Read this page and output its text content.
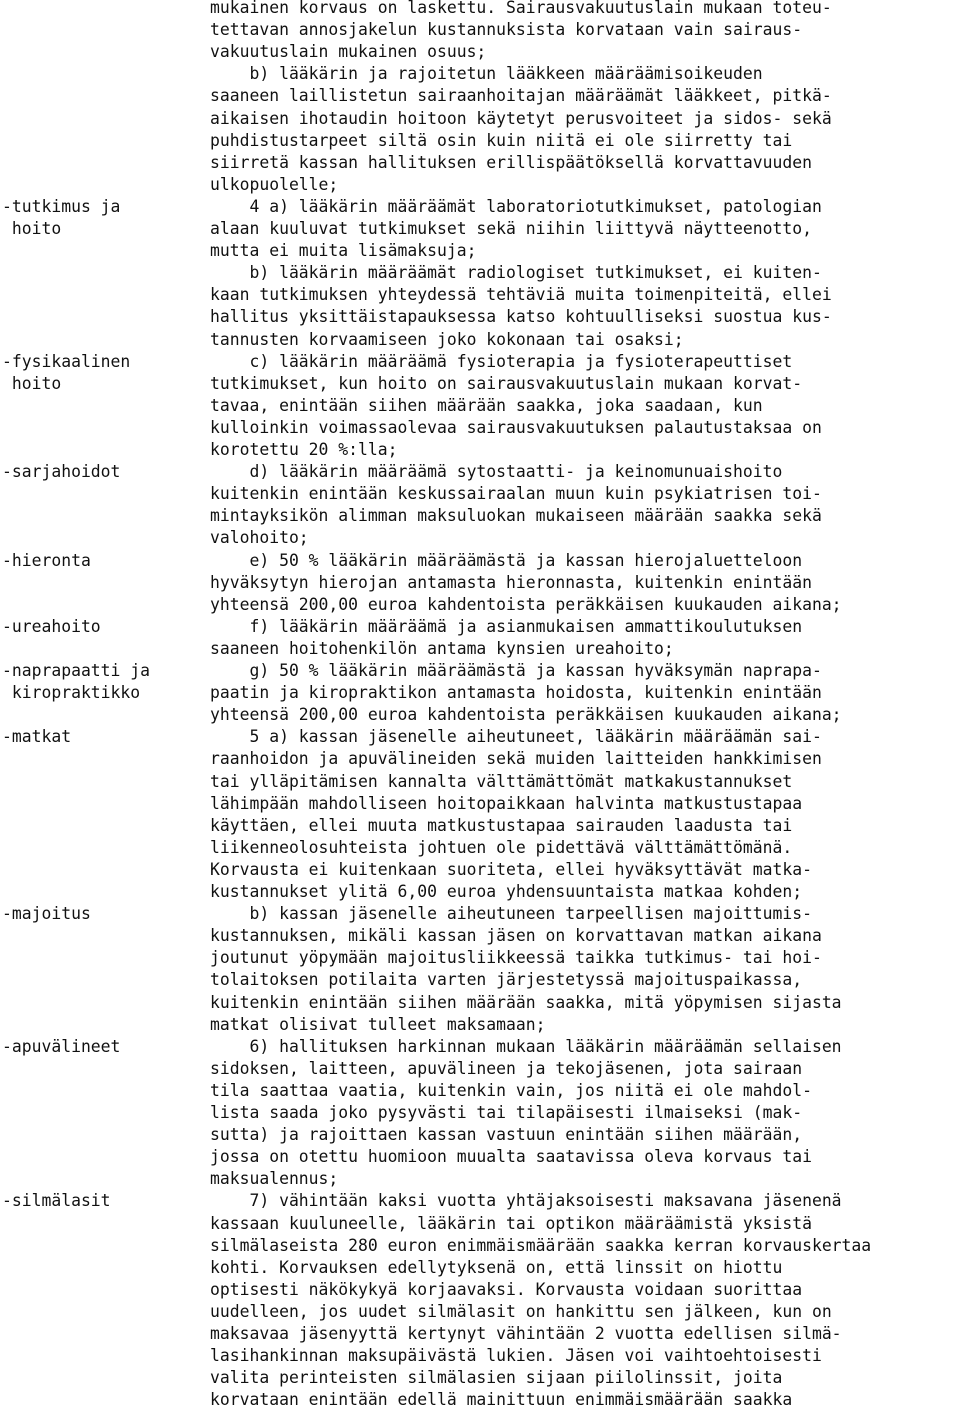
mukainen korvaus on laskettu. Sairausvakuutuslain mukaan toteu-
tettavan annosjakelun kustannuksista korvataan vain sairaus-
vakuutuslain mukainen osuus;
b) lääkärin ja rajoitetun lääkkeen määräämisoikeuden
saaneen laillistetun sairaanhoitajan määräämät lääkkeet, pitkä-
aikaisen ihotaudin hoitoon käytetyt perusvoiteet ja sidos- sekä
puhdistustarpeet siltä osin kuin niitä ei ole siirretty tai
siirretä kassan hallituksen erillispäätöksellä korvattavuuden
ulkopuolelle;
-tutkimus ja	4 a) lääkärin määräämät laboratoriotutkimukset, patologian
hoito	alaan kuuluvat tutkimukset sekä niihin liittyvä näytteenotto,
mutta ei muita lisämaksuja;
b) lääkärin määräämät radiologiset tutkimukset, ei kuiten-
kaan tutkimuksen yhteydessä tehtäviä muita toimenpiteitä, ellei
hallitus yksittäistapauksessa katso kohtuulliseksi suostua kus-
tannusten korvaamiseen joko kokonaan tai osaksi;
-fysikaalinen	c) lääkärin määräämä fysioterapia ja fysioterapeuttiset
hoito	tutkimukset, kun hoito on sairausvakuutuslain mukaan korvat-
tavaa, enintään siihen määrään saakka, joka saadaan, kun
kulloinkin voimassaolevaa sairausvakuutuksen palautustaksaa on
korotettu 20 %:lla;
-sarjahoidot	d) lääkärin määräämä sytostaatti- ja keinomunuaishoito
kuitenkin enintään keskussairaalan muun kuin psykiatrisen toi-
mintayksikön alimman maksuluokan mukaiseen määrään saakka sekä
valohoito;
-hieronta	e) 50 % lääkärin määräämästä ja kassan hierojaluetteloon
hyväksytyn hierojan antamasta hieronnasta, kuitenkin enintään
yhteensä 200,00 euroa kahdentoista peräkkäisen kuukauden aikana;
-ureahoito	f) lääkärin määräämä ja asianmukaisen ammattikoulutuksen
saaneen hoitohenkilön antama kynsien ureahoito;
-naprapaatti ja	g) 50 % lääkärin määräämästä ja kassan hyväksymän naprapa-
kiropraktikko	paatin ja kiropraktikon antamasta hoidosta, kuitenkin enintään
yhteensä 200,00 euroa kahdentoista peräkkäisen kuukauden aikana;
-matkat	5 a) kassan jäsenelle aiheutuneet, lääkärin määräämän sai-
raanhoidon ja apuvälineiden sekä muiden laitteiden hankkimisen
tai ylläpitämisen kannalta välttämättömät matkakustannukset
lähimpään mahdolliseen hoitopaikkaan halvinta matkustustapaa
käyttäen, ellei muuta matkustustapaa sairauden laadusta tai
liikenneolosuhteista johtuen ole pidettävä välttämättömänä.
Korvausta ei kuitenkaan suoriteta, ellei hyväksyttävät matka-
kustannukset ylitä 6,00 euroa yhdensuuntaista matkaa kohden;
-majoitus	b) kassan jäsenelle aiheutuneen tarpeellisen majoittumis-
kustannuksen, mikäli kassan jäsen on korvattavan matkan aikana
joutunut yöpymään majoitusliikkeessä taikka tutkimus- tai hoi-
tolaitoksen potilaita varten järjestetyssä majoituspaikassa,
kuitenkin enintään siihen määrään saakka, mitä yöpymisen sijasta
matkat olisivat tulleet maksamaan;
-apuvälineet	6) hallituksen harkinnan mukaan lääkärin määräämän sellaisen
sidoksen, laitteen, apuvälineen ja tekojäsenen, jota sairaan
tila saattaa vaatia, kuitenkin vain, jos niitä ei ole mahdol-
lista saada joko pysyvästi tai tilapäisesti ilmaiseksi (mak-
sutta) ja rajoittaen kassan vastuun enintään siihen määrään,
jossa on otettu huomioon muualta saatavissa oleva korvaus tai
maksualennus;
-silmälasit	7) vähintään kaksi vuotta yhtäjaksoisesti maksavana jäsenenä
kassaan kuuluneelle, lääkärin tai optikon määräämistä yksistä
silmälaseista 280 euron enimmäismäärään saakka kerran korvauskertaa
kohti. Korvauksen edellytyksenä on, että linssit on hiottu
optisesti näkökykyä korjaavaksi. Korvausta voidaan suorittaa
uudelleen, jos uudet silmälasit on hankittu sen jälkeen, kun on
maksavaa jäsenyyttä kertynyt vähintään 2 vuotta edellisen silmä-
lasihankinnan maksupäivästä lukien. Jäsen voi vaihtoehtoisesti
valita perinteisten silmälasien sijaan piilolinssit, joita
korvataan enintään edellä mainittuun enimmäismäärään saakka
